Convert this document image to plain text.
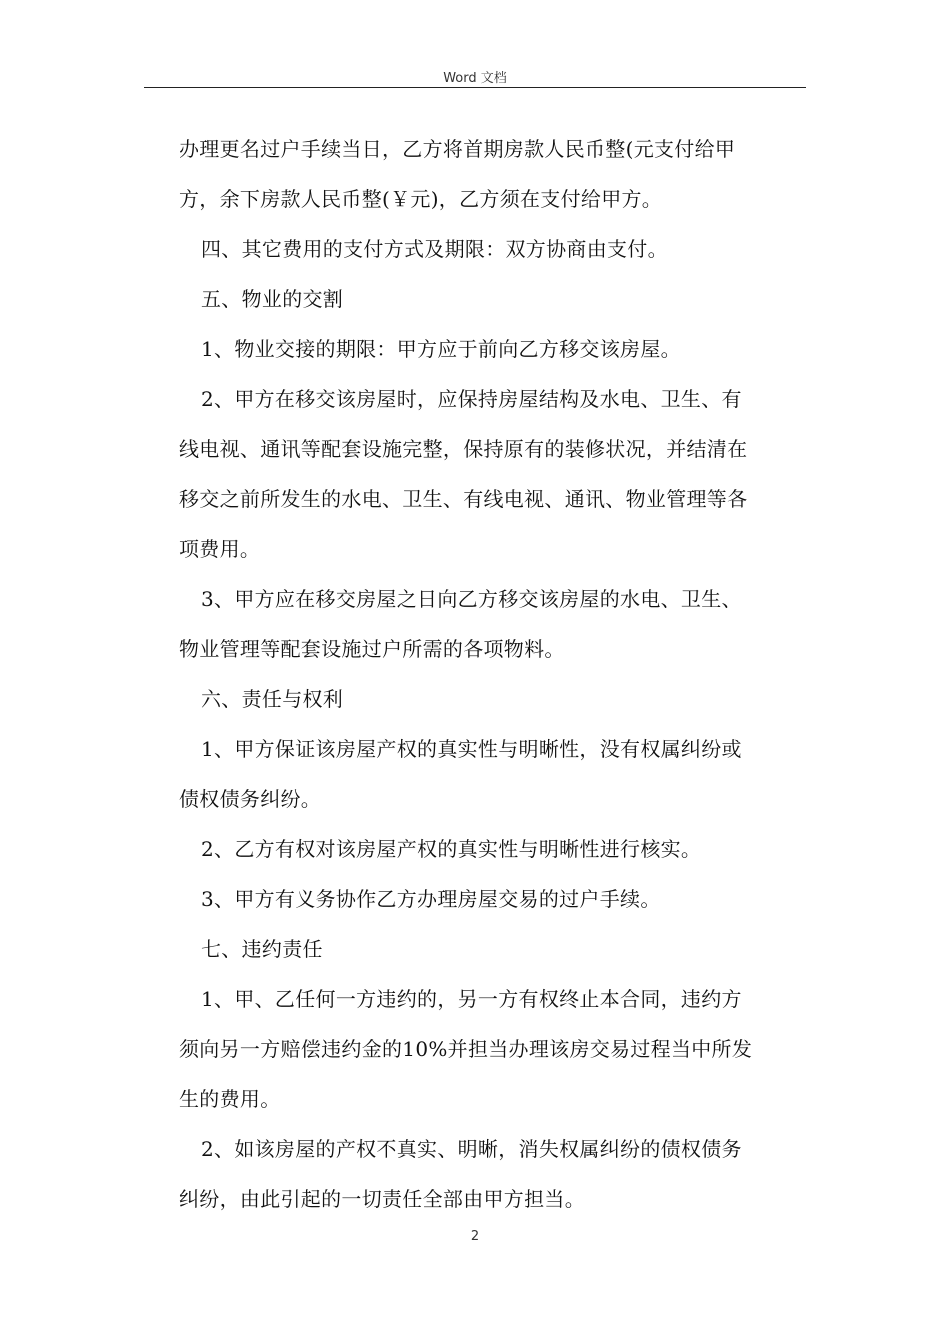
Word 文档

办理更名过户手续当日，乙方将首期房款人民币整(元支付给甲

方，余下房款人民币整(￥元)，乙方须在支付给甲方。

四、其它费用的支付方式及期限：双方协商由支付。

五、物业的交割

1、物业交接的期限：甲方应于前向乙方移交该房屋。

2、甲方在移交该房屋时，应保持房屋结构及水电、卫生、有

线电视、通讯等配套设施完整，保持原有的装修状况，并结清在

移交之前所发生的水电、卫生、有线电视、通讯、物业管理等各

项费用。

3、甲方应在移交房屋之日向乙方移交该房屋的水电、卫生、

物业管理等配套设施过户所需的各项物料。

六、责任与权利

1、甲方保证该房屋产权的真实性与明晰性，没有权属纠纷或

债权债务纠纷。

2、乙方有权对该房屋产权的真实性与明晰性进行核实。

3、甲方有义务协作乙方办理房屋交易的过户手续。

七、违约责任

1、甲、乙任何一方违约的，另一方有权终止本合同，违约方

须向另一方赔偿违约金的10%并担当办理该房交易过程当中所发

生的费用。

2、如该房屋的产权不真实、明晰，消失权属纠纷的债权债务

纠纷，由此引起的一切责任全部由甲方担当。

2
